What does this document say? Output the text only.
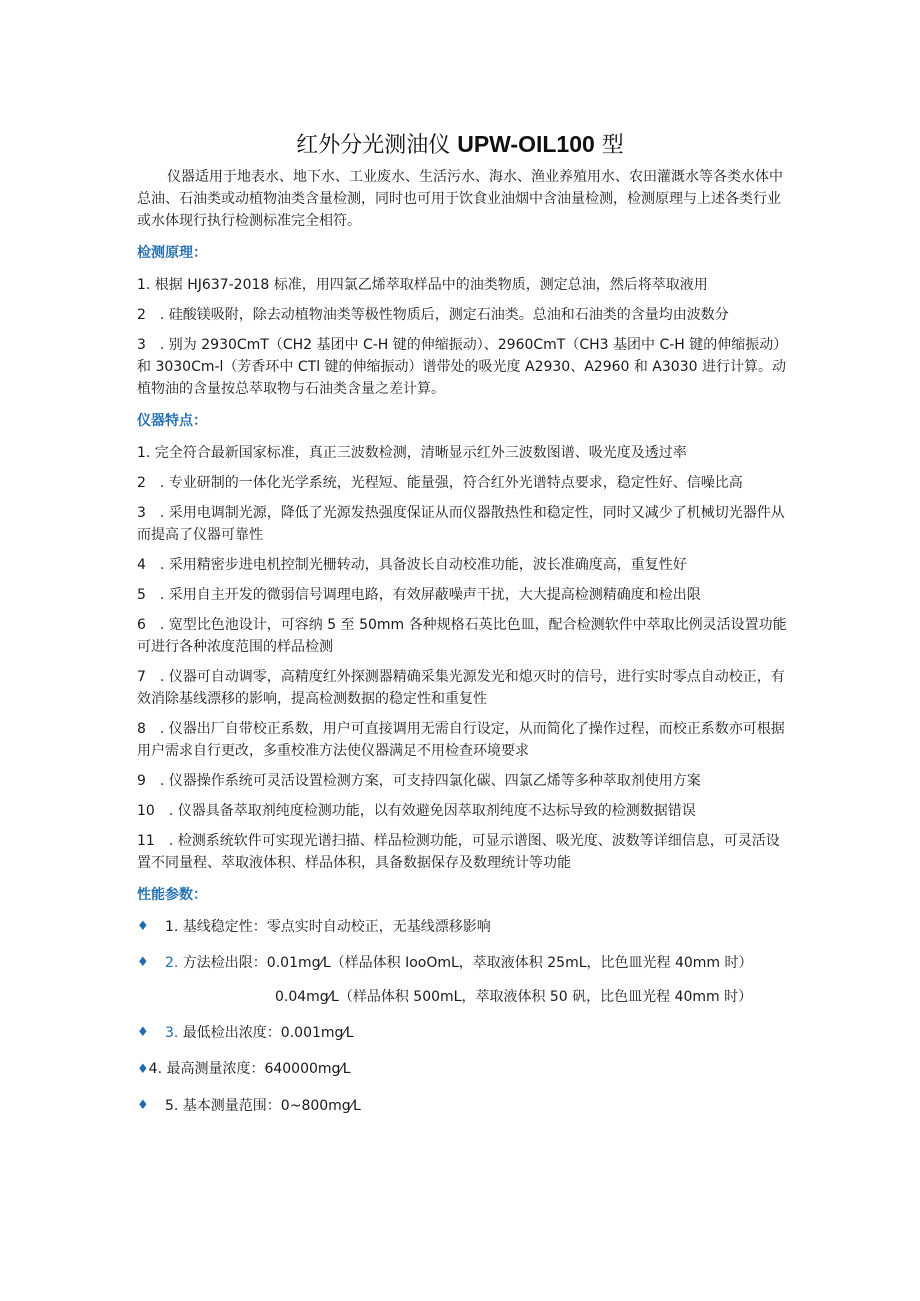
红外分光测油仪 UPW-OIL100 型

仪器适用于地表水、地下水、工业废水、生活污水、海水、渔业养殖用水、农田灌溉水等各类水体中总油、石油类或动植物油类含量检测，同时也可用于饮食业油烟中含油量检测，检测原理与上述各类行业或水体现行执行检测标准完全相符。

检测原理：
1. 根据 HJ637-2018 标准，用四氯乙烯萃取样品中的油类物质，测定总油，然后将萃取液用
2　. 硅酸镁吸附，除去动植物油类等极性物质后，测定石油类。总油和石油类的含量均由波数分
3　. 别为 2930CmT（CH2 基团中 C-H 键的伸缩振动）、2960CmT（CH3 基团中 C-H 键的伸缩振动）和 3030Cm-l（芳香环中 CTl 键的伸缩振动）谱带处的吸光度 A2930、A2960 和 A3030 进行计算。动植物油的含量按总萃取物与石油类含量之差计算。
仪器特点：
1. 完全符合最新国家标准，真正三波数检测，清晰显示红外三波数图谱、吸光度及透过率
2　. 专业研制的一体化光学系统，光程短、能量强，符合红外光谱特点要求，稳定性好、信噪比高
3　. 采用电调制光源，降低了光源发热强度保证从而仪器散热性和稳定性，同时又减少了机械切光器件从而提高了仪器可靠性
4　. 采用精密步进电机控制光栅转动，具备波长自动校准功能，波长准确度高，重复性好
5　. 采用自主开发的微弱信号调理电路，有效屏蔽噪声干扰，大大提高检测精确度和检出限
6　. 宽型比色池设计，可容纳 5 至 50mm 各种规格石英比色皿，配合检测软件中萃取比例灵活设置功能可进行各种浓度范围的样品检测
7　. 仪器可自动调零，高精度红外探测器精确采集光源发光和熄灭时的信号，进行实时零点自动校正，有效消除基线漂移的影响，提高检测数据的稳定性和重复性
8　. 仪器出厂自带校正系数，用户可直接调用无需自行设定，从而简化了操作过程，而校正系数亦可根据用户需求自行更改，多重校准方法使仪器满足不用检查环境要求
9　. 仪器操作系统可灵活设置检测方案，可支持四氯化碳、四氯乙烯等多种萃取剂使用方案
10　. 仪器具备萃取剂纯度检测功能，以有效避免因萃取剂纯度不达标导致的检测数据错误
11　. 检测系统软件可实现光谱扫描、样品检测功能，可显示谱图、吸光度、波数等详细信息，可灵活设置不同量程、萃取液体积、样品体积，具备数据保存及数理统计等功能
性能参数：
♦ 1. 基线稳定性：零点实时自动校正，无基线漂移影响
♦ 2. 方法检出限：0.01mg⁄L（样品体积 IooOmL，萃取液体积 25mL，比色皿光程 40mm 时）
0.04mg⁄L（样品体积 500mL，萃取液体积 50 矾，比色皿光程 40mm 时）
♦ 3. 最低检出浓度：0.001mg⁄L
♦4. 最高测量浓度：640000mg⁄L
♦ 5. 基本测量范围：0~800mg⁄L
